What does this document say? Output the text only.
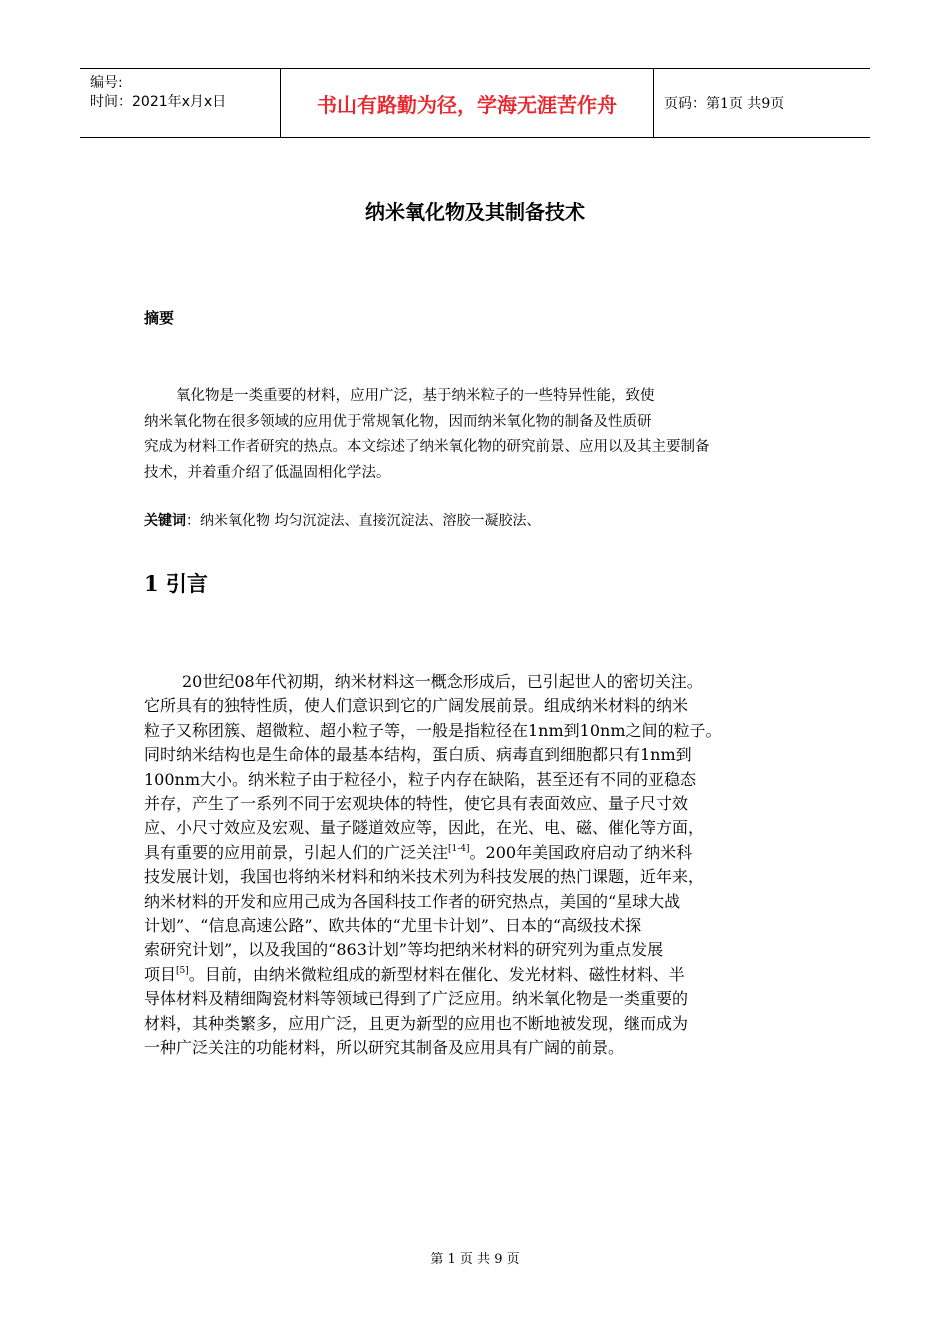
编号:
时间：2021年x月x日	书山有路勤为径，学海无涯苦作舟	页码：第1页 共9页
纳米氧化物及其制备技术
摘要
氧化物是一类重要的材料，应用广泛，基于纳米粒子的一些特异性能，致使
纳米氧化物在很多领域的应用优于常规氧化物，因而纳米氧化物的制备及性质研
究成为材料工作者研究的热点。本文综述了纳米氧化物的研究前景、应用以及其主要制备
技术，并着重介绍了低温固相化学法。
关键词：纳米氧化物 均匀沉淀法、直接沉淀法、溶胶一凝胶法、
1 引言
20世纪08年代初期，纳米材料这一概念形成后，已引起世人的密切关注。
它所具有的独特性质，使人们意识到它的广阔发展前景。组成纳米材料的纳米
粒子又称团簇、超微粒、超小粒子等，一般是指粒径在1nm到10nm之间的粒子。
同时纳米结构也是生命体的最基本结构，蛋白质、病毒直到细胞都只有1nm到
100nm大小。纳米粒子由于粒径小，粒子内存在缺陷，甚至还有不同的亚稳态
并存，产生了一系列不同于宏观块体的特性，使它具有表面效应、量子尺寸效
应、小尺寸效应及宏观、量子隧道效应等，因此，在光、电、磁、催化等方面，
具有重要的应用前景，引起人们的广泛关注[1-4]。200年美国政府启动了纳米科
技发展计划，我国也将纳米材料和纳米技术列为科技发展的热门课题，近年来，
纳米材料的开发和应用己成为各国科技工作者的研究热点，美国的“星球大战
计划”、“信息高速公路”、欧共体的“尤里卡计划”、日本的“高级技术探
索研究计划”，以及我国的“863计划”等均把纳米材料的研究列为重点发展
项目[5]。目前，由纳米微粒组成的新型材料在催化、发光材料、磁性材料、半
导体材料及精细陶瓷材料等领域已得到了广泛应用。纳米氧化物是一类重要的
材料，其种类繁多，应用广泛，且更为新型的应用也不断地被发现，继而成为
一种广泛关注的功能材料，所以研究其制备及应用具有广阔的前景。
第 1 页 共 9 页
